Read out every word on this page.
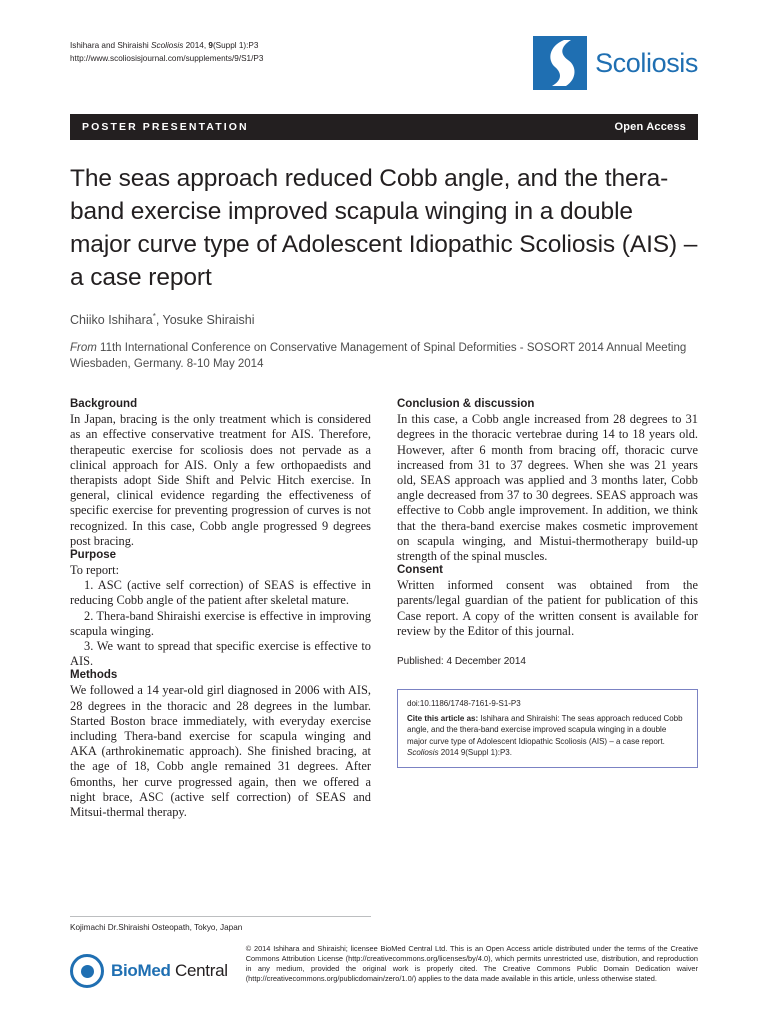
Ishihara and Shiraishi Scoliosis 2014, 9(Suppl 1):P3
http://www.scoliosisjournal.com/supplements/9/S1/P3	Scoliosis
POSTER PRESENTATION	Open Access
The seas approach reduced Cobb angle, and the thera-band exercise improved scapula winging in a double major curve type of Adolescent Idiopathic Scoliosis (AIS) – a case report
Chiiko Ishihara*, Yosuke Shiraishi
From 11th International Conference on Conservative Management of Spinal Deformities - SOSORT 2014 Annual Meeting
Wiesbaden, Germany. 8-10 May 2014
Background

In Japan, bracing is the only treatment which is considered as an effective conservative treatment for AIS. Therefore, therapeutic exercise for scoliosis does not pervade as a clinical approach for AIS. Only a few orthopaedists and therapists adopt Side Shift and Pelvic Hitch exercise. In general, clinical evidence regarding the effectiveness of specific exercise for preventing progression of curves is not recognized. In this case, Cobb angle progressed 9 degrees post bracing.

Purpose

To report:

1. ASC (active self correction) of SEAS is effective in reducing Cobb angle of the patient after skeletal mature.

2. Thera-band Shiraishi exercise is effective in improving scapula winging.

3. We want to spread that specific exercise is effective to AIS.

Methods

We followed a 14 year-old girl diagnosed in 2006 with AIS, 28 degrees in the thoracic and 28 degrees in the lumbar. Started Boston brace immediately, with everyday exercise including Thera-band exercise for scapula winging and AKA (arthrokinematic approach). She finished bracing, at the age of 18, Cobb angle remained 31 degrees. After 6months, her curve progressed again, then we offered a night brace, ASC (active self correction) of SEAS and Mitsui-thermal therapy.

Conclusion & discussion

In this case, a Cobb angle increased from 28 degrees to 31 degrees in the thoracic vertebrae during 14 to 18 years old. However, after 6 month from bracing off, thoracic curve increased from 31 to 37 degrees. When she was 21 years old, SEAS approach was applied and 3 months later, Cobb angle decreased from 37 to 30 degrees. SEAS approach was effective to Cobb angle improvement. In addition, we think that the thera-band exercise makes cosmetic improvement on scapula winging, and Mistui-thermotherapy build-up strength of the spinal muscles.

Consent

Written informed consent was obtained from the parents/legal guardian of the patient for publication of this Case report. A copy of the written consent is available for review by the Editor of this journal.

Published: 4 December 2014
doi:10.1186/1748-7161-9-S1-P3
Cite this article as: Ishihara and Shiraishi: The seas approach reduced Cobb angle, and the thera-band exercise improved scapula winging in a double major curve type of Adolescent Idiopathic Scoliosis (AIS) – a case report. Scoliosis 2014 9(Suppl 1):P3.
Kojimachi Dr.Shiraishi Osteopath, Tokyo, Japan
BioMed Central
© 2014 Ishihara and Shiraishi; licensee BioMed Central Ltd. This is an Open Access article distributed under the terms of the Creative Commons Attribution License (http://creativecommons.org/licenses/by/4.0), which permits unrestricted use, distribution, and reproduction in any medium, provided the original work is properly cited. The Creative Commons Public Domain Dedication waiver (http://creativecommons.org/publicdomain/zero/1.0/) applies to the data made available in this article, unless otherwise stated.
